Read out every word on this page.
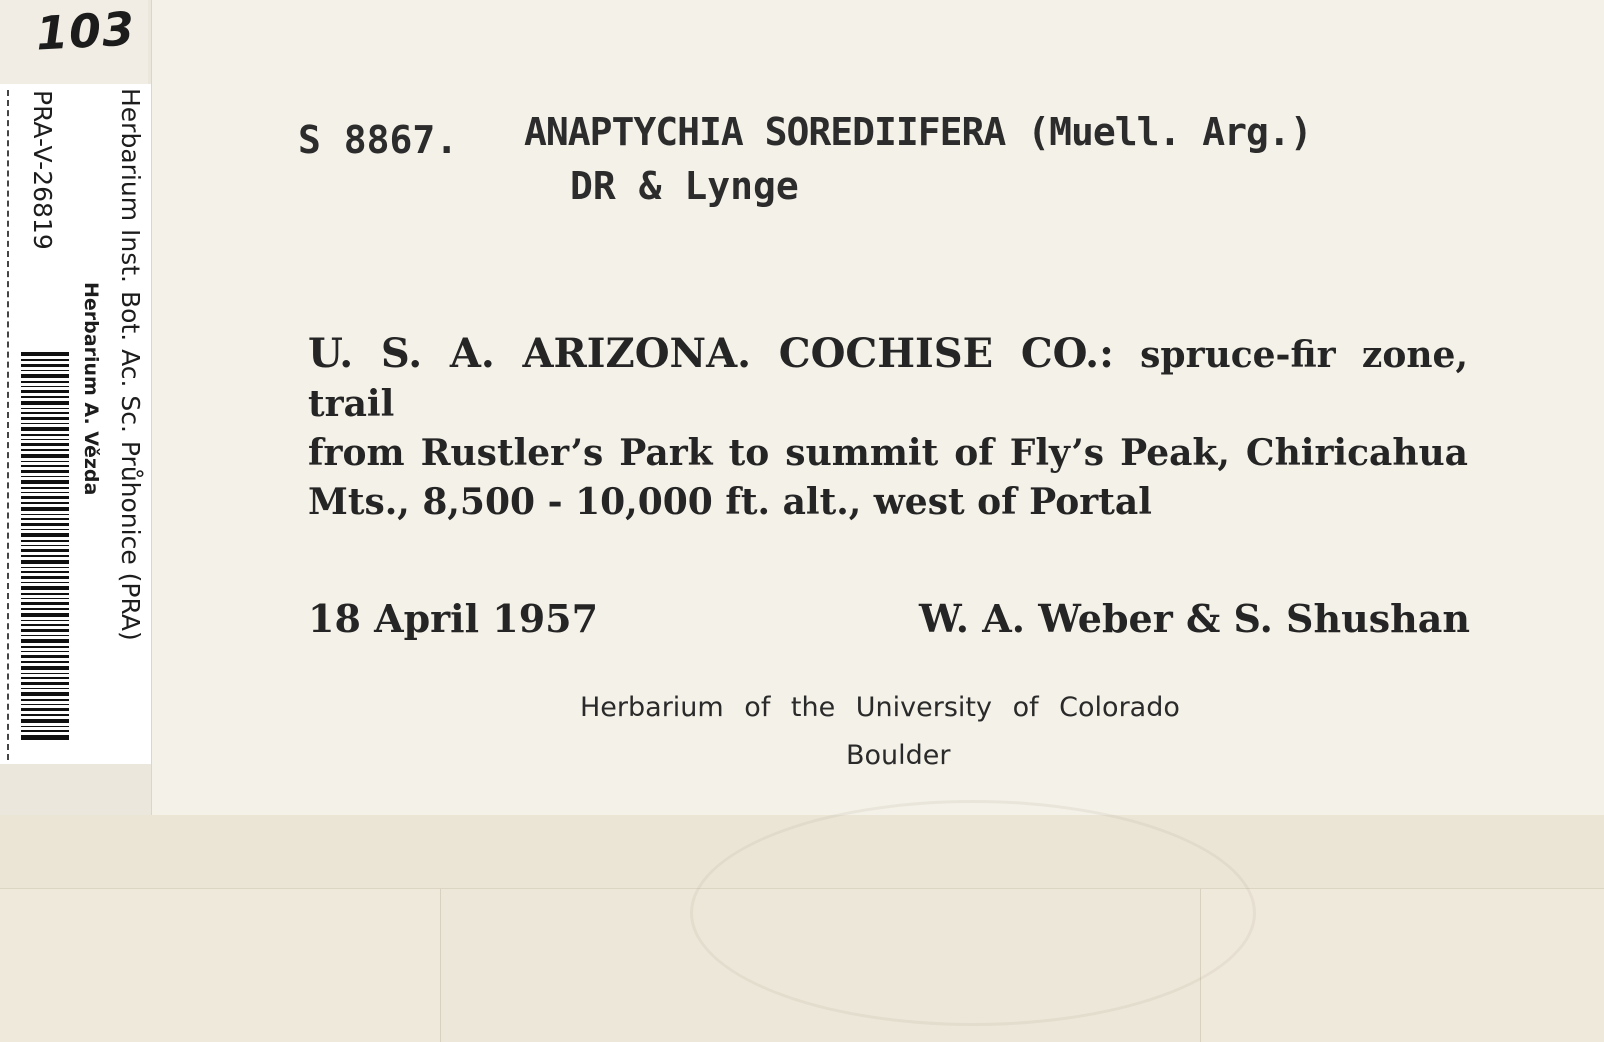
103
PRA-V-26819 Herbarium Inst. Bot. Ac. Sc. Průhonice (PRA)
Herbarium A. Vězda
S 8867. ANAPTYCHIA SOREDIIFERA (Muell. Arg.)
DR & Lynge
U. S. A. ARIZONA. COCHISE CO.: spruce-fir zone, trail
from Rustler’s Park to summit of Fly’s Peak, Chiricahua
Mts., 8,500 - 10,000 ft. alt., west of Portal
18 April 1957	W. A. Weber & S. Shushan
Herbarium of the University of Colorado
Boulder
